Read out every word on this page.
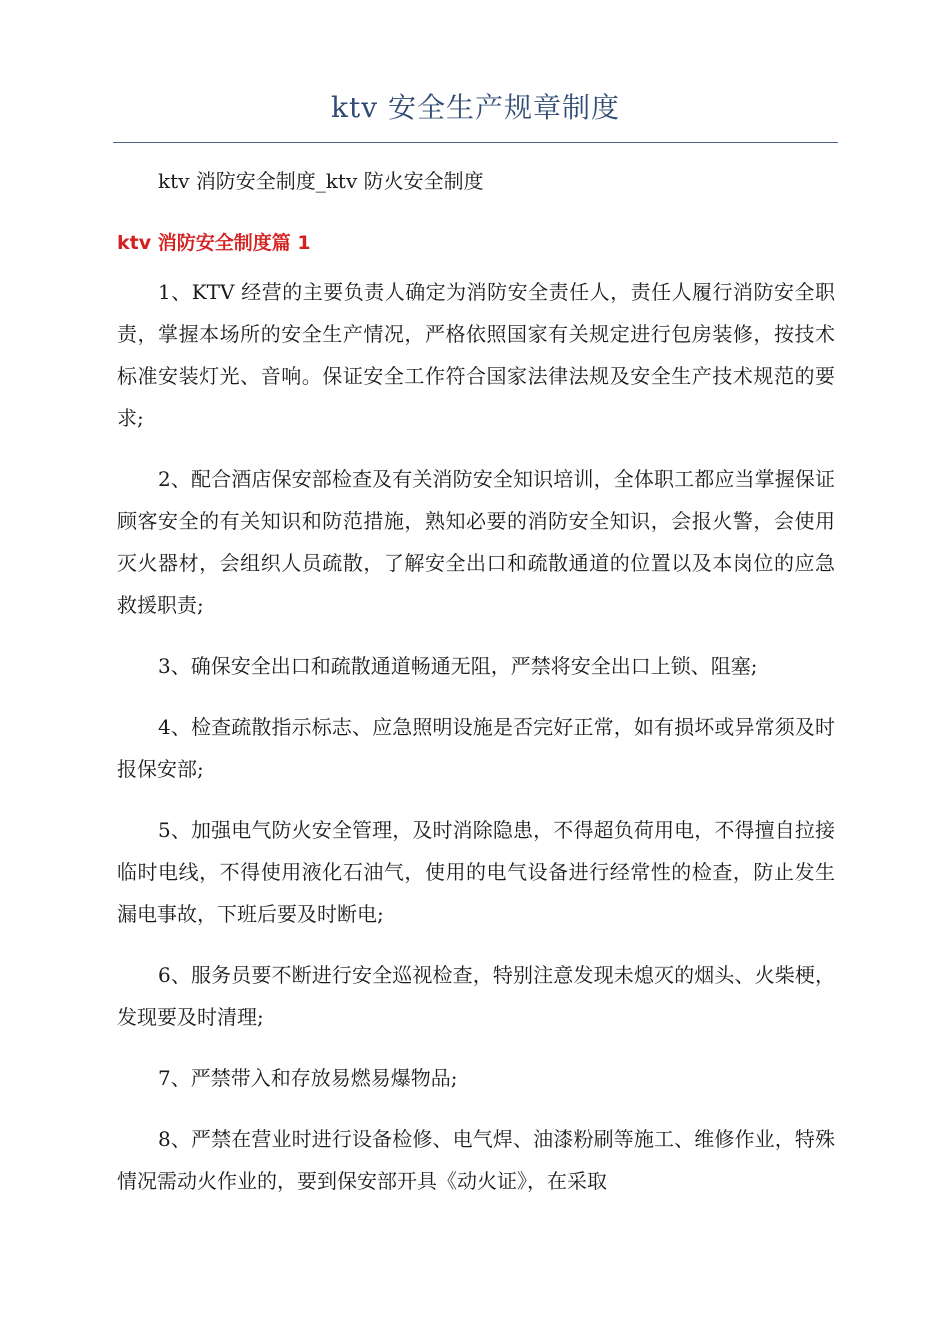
ktv 安全生产规章制度

ktv 消防安全制度_ktv 防火安全制度

ktv 消防安全制度篇 1

1、KTV 经营的主要负责人确定为消防安全责任人，责任人履行消防安全职责，掌握本场所的安全生产情况，严格依照国家有关规定进行包房装修，按技术标准安装灯光、音响。保证安全工作符合国家法律法规及安全生产技术规范的要求;

2、配合酒店保安部检查及有关消防安全知识培训，全体职工都应当掌握保证顾客安全的有关知识和防范措施，熟知必要的消防安全知识，会报火警，会使用灭火器材，会组织人员疏散，了解安全出口和疏散通道的位置以及本岗位的应急救援职责;

3、确保安全出口和疏散通道畅通无阻，严禁将安全出口上锁、阻塞;

4、检查疏散指示标志、应急照明设施是否完好正常，如有损坏或异常须及时报保安部;

5、加强电气防火安全管理，及时消除隐患，不得超负荷用电，不得擅自拉接临时电线，不得使用液化石油气，使用的电气设备进行经常性的检查，防止发生漏电事故，下班后要及时断电;

6、服务员要不断进行安全巡视检查，特别注意发现未熄灭的烟头、火柴梗，发现要及时清理;

7、严禁带入和存放易燃易爆物品;

8、严禁在营业时进行设备检修、电气焊、油漆粉刷等施工、维修作业，特殊情况需动火作业的，要到保安部开具《动火证》，在采取
